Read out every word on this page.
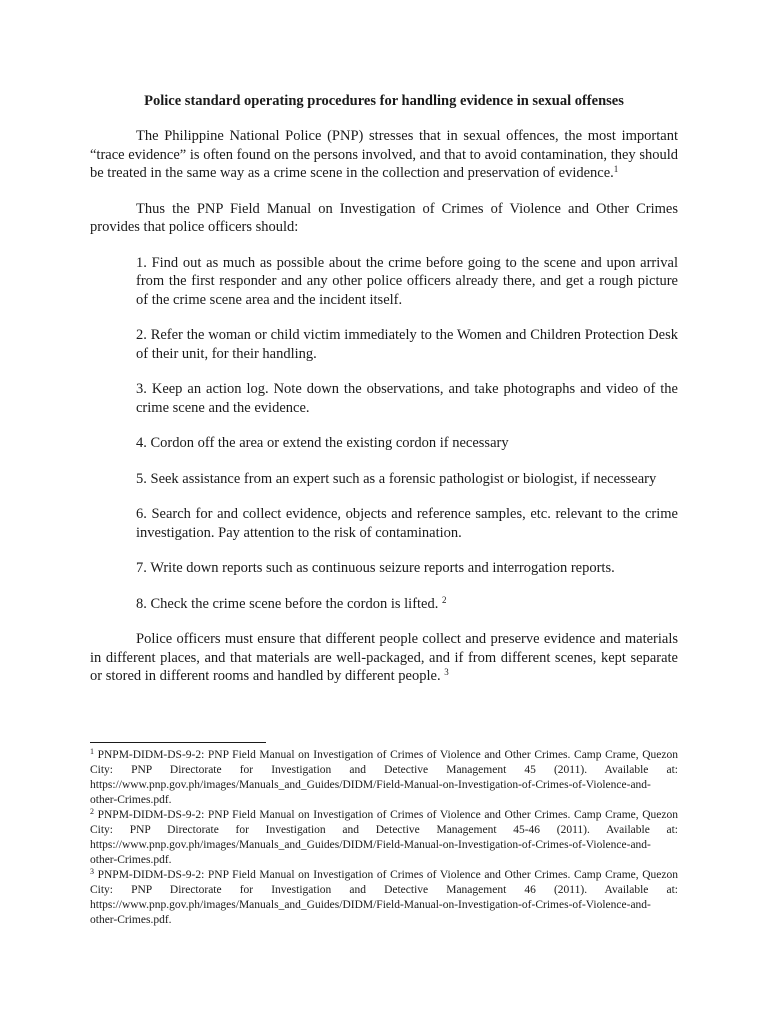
Police standard operating procedures for handling evidence in sexual offenses

The Philippine National Police (PNP) stresses that in sexual offences, the most important “trace evidence” is often found on the persons involved, and that to avoid contamination, they should be treated in the same way as a crime scene in the collection and preservation of evidence.$^1$

Thus the PNP Field Manual on Investigation of Crimes of Violence and Other Crimes provides that police officers should:

1. Find out as much as possible about the crime before going to the scene and upon arrival from the first responder and any other police officers already there, and get a rough picture of the crime scene area and the incident itself.

2. Refer the woman or child victim immediately to the Women and Children Protection Desk of their unit, for their handling.

3. Keep an action log. Note down the observations, and take photographs and video of the crime scene and the evidence.

4. Cordon off the area or extend the existing cordon if necessary

5. Seek assistance from an expert such as a forensic pathologist or biologist, if necesseary

6. Search for and collect evidence, objects and reference samples, etc. relevant to the crime investigation. Pay attention to the risk of contamination.

7. Write down reports such as continuous seizure reports and interrogation reports.

8. Check the crime scene before the cordon is lifted. $^2$

Police officers must ensure that different people collect and preserve evidence and materials in different places, and that materials are well-packaged, and if from different scenes, kept separate or stored in different rooms and handled by different people. $^3$

$^1$ PNPM-DIDM-DS-9-2: PNP Field Manual on Investigation of Crimes of Violence and Other Crimes. Camp Crame, Quezon City: PNP Directorate for Investigation and Detective Management 45 (2011). Available at: https://www.pnp.gov.ph/images/Manuals_and_Guides/DIDM/Field-Manual-on-Investigation-of-Crimes-of-Violence-and-other-Crimes.pdf.

$^2$ PNPM-DIDM-DS-9-2: PNP Field Manual on Investigation of Crimes of Violence and Other Crimes. Camp Crame, Quezon City: PNP Directorate for Investigation and Detective Management 45-46 (2011). Available at: https://www.pnp.gov.ph/images/Manuals_and_Guides/DIDM/Field-Manual-on-Investigation-of-Crimes-of-Violence-and-other-Crimes.pdf.

$^3$ PNPM-DIDM-DS-9-2: PNP Field Manual on Investigation of Crimes of Violence and Other Crimes. Camp Crame, Quezon City: PNP Directorate for Investigation and Detective Management 46 (2011). Available at: https://www.pnp.gov.ph/images/Manuals_and_Guides/DIDM/Field-Manual-on-Investigation-of-Crimes-of-Violence-and-other-Crimes.pdf.
